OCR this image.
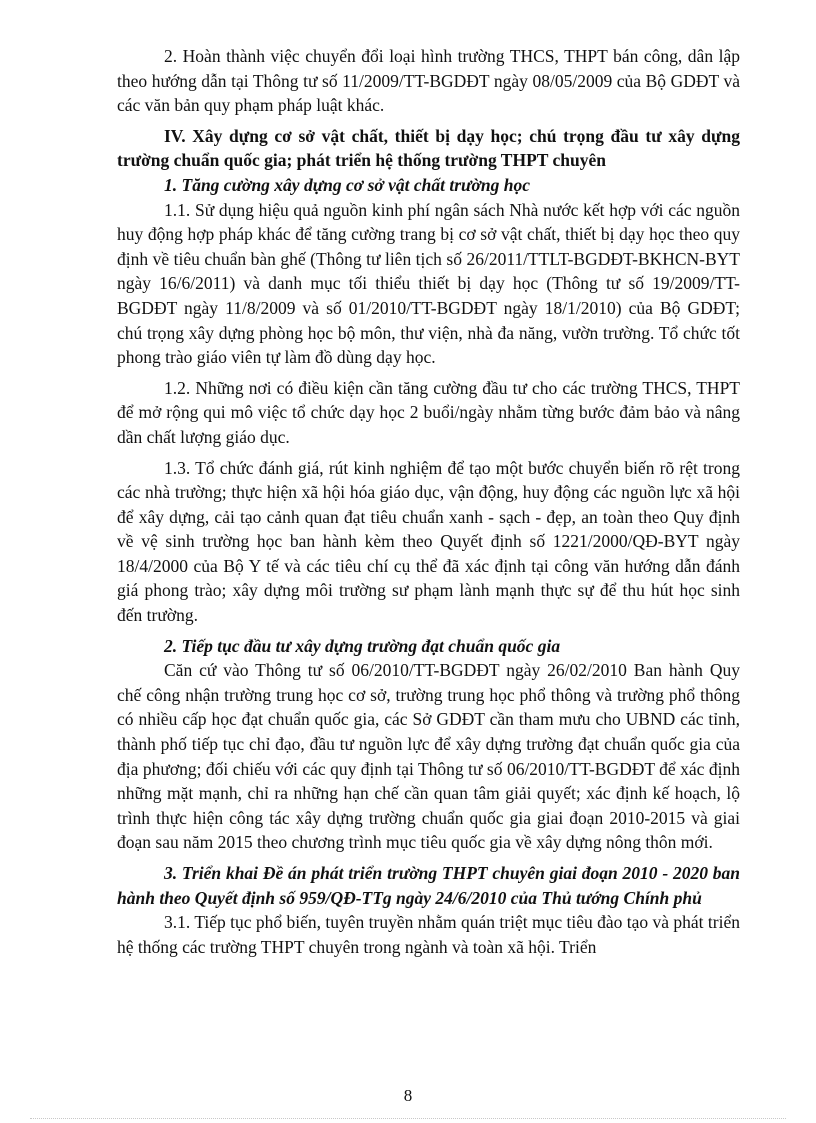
2. Hoàn thành việc chuyển đổi loại hình trường THCS, THPT bán công, dân lập theo hướng dẫn tại Thông tư số 11/2009/TT-BGDĐT ngày 08/05/2009 của Bộ GDĐT và các văn bản quy phạm pháp luật khác.

IV. Xây dựng cơ sở vật chất, thiết bị dạy học; chú trọng đầu tư xây dựng trường chuẩn quốc gia; phát triển hệ thống trường THPT chuyên

1. Tăng cường xây dựng cơ sở vật chất trường học

1.1. Sử dụng hiệu quả nguồn kinh phí ngân sách Nhà nước kết hợp với các nguồn huy động hợp pháp khác để tăng cường trang bị cơ sở vật chất, thiết bị dạy học theo quy định về tiêu chuẩn bàn ghế (Thông tư liên tịch số 26/2011/TTLT-BGDĐT-BKHCN-BYT ngày 16/6/2011) và danh mục tối thiểu thiết bị dạy học (Thông tư số 19/2009/TT-BGDĐT ngày 11/8/2009 và số 01/2010/TT-BGDĐT ngày 18/1/2010) của Bộ GDĐT; chú trọng xây dựng phòng học bộ môn, thư viện, nhà đa năng, vườn trường. Tổ chức tốt phong trào giáo viên tự làm đồ dùng dạy học.

1.2. Những nơi có điều kiện cần tăng cường đầu tư cho các trường THCS, THPT để mở rộng qui mô việc tổ chức dạy học 2 buổi/ngày nhằm từng bước đảm bảo và nâng dần chất lượng giáo dục.

1.3. Tổ chức đánh giá, rút kinh nghiệm để tạo một bước chuyển biến rõ rệt trong các nhà trường; thực hiện xã hội hóa giáo dục, vận động, huy động các nguồn lực xã hội để xây dựng, cải tạo cảnh quan đạt tiêu chuẩn xanh - sạch - đẹp, an toàn theo Quy định về vệ sinh trường học ban hành kèm theo Quyết định số 1221/2000/QĐ-BYT ngày 18/4/2000 của Bộ Y tế và các tiêu chí cụ thể đã xác định tại công văn hướng dẫn đánh giá phong trào; xây dựng môi trường sư phạm lành mạnh thực sự để thu hút học sinh đến trường.

2. Tiếp tục đầu tư xây dựng trường đạt chuẩn quốc gia

Căn cứ vào Thông tư số 06/2010/TT-BGDĐT ngày 26/02/2010 Ban hành Quy chế công nhận trường trung học cơ sở, trường trung học phổ thông và trường phổ thông có nhiều cấp học đạt chuẩn quốc gia, các Sở GDĐT cần tham mưu cho UBND các tỉnh, thành phố tiếp tục chỉ đạo, đầu tư nguồn lực để xây dựng trường đạt chuẩn quốc gia của địa phương; đối chiếu với các quy định tại Thông tư số 06/2010/TT-BGDĐT để xác định những mặt mạnh, chỉ ra những hạn chế cần quan tâm giải quyết; xác định kế hoạch, lộ trình thực hiện công tác xây dựng trường chuẩn quốc gia giai đoạn 2010-2015 và giai đoạn sau năm 2015 theo chương trình mục tiêu quốc gia về xây dựng nông thôn mới.

3. Triển khai Đề án phát triển trường THPT chuyên giai đoạn 2010 - 2020 ban hành theo Quyết định số 959/QĐ-TTg ngày 24/6/2010 của Thủ tướng Chính phủ

3.1. Tiếp tục phổ biến, tuyên truyền nhằm quán triệt mục tiêu đào tạo và phát triển hệ thống các trường THPT chuyên trong ngành và toàn xã hội. Triển

8
